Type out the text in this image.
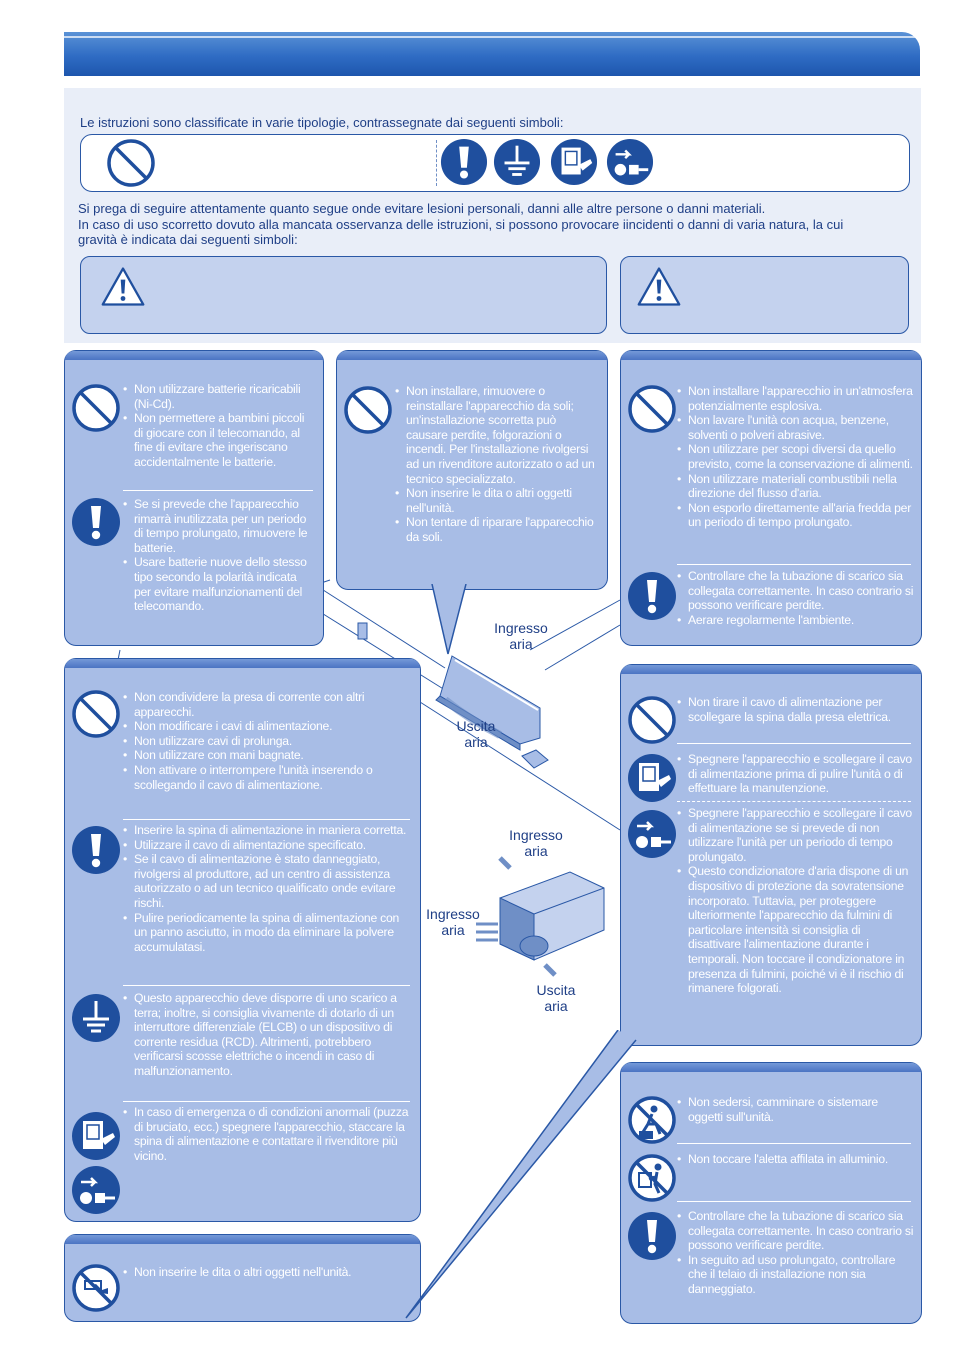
Le istruzioni sono classificate in varie tipologie, contrassegnate dai seguenti simboli:
Si prega di seguire attentamente quanto segue onde evitare lesioni personali, danni alle altre persone o danni materiali.
In caso di uso scorretto dovuto alla mancata osservanza delle istruzioni, si possono provocare iincidenti o danni di varia natura, la cui
gravità è indicata dai seguenti simboli:
Ingresso
aria
Uscita
aria
Ingresso
aria
Ingresso
aria
Uscita
aria
• Non utilizzare batterie ricaricabili (Ni-Cd).
• Non permettere a bambini piccoli di giocare con il telecomando, al fine di evitare che ingeriscano accidentalmente le batterie.
• Se si prevede che l'apparecchio rimarrà inutilizzata per un periodo di tempo prolungato, rimuovere le batterie.
• Usare batterie nuove dello stesso tipo secondo la polarità indicata per evitare malfunzionamenti del telecomando.
• Non installare, rimuovere o reinstallare l'apparecchio da soli; un'installazione scorretta può causare perdite, folgorazioni o incendi. Per l'installazione rivolgersi ad un rivenditore autorizzato o ad un tecnico specializzato.
• Non inserire le dita o altri oggetti nell'unità.
• Non tentare di riparare l'apparecchio da soli.
• Non installare l'apparecchio in un'atmosfera potenzialmente esplosiva.
• Non lavare l'unità con acqua, benzene, solventi o polveri abrasive.
• Non utilizzare per scopi diversi da quello previsto, come la conservazione di alimenti.
• Non utilizzare materiali combustibili nella direzione del flusso d'aria.
• Non esporlo direttamente all'aria fredda per un periodo di tempo prolungato.
• Controllare che la tubazione di scarico sia collegata correttamente. In caso contrario si possono verificare perdite.
• Aerare regolarmente l'ambiente.
• Non condividere la presa di corrente con altri apparecchi.
• Non modificare i cavi di alimentazione.
• Non utilizzare cavi di prolunga.
• Non utilizzare con mani bagnate.
• Non attivare o interrompere l'unità inserendo o scollegando il cavo di alimentazione.
• Inserire la spina di alimentazione in maniera corretta.
• Utilizzare il cavo di alimentazione specificato.
• Se il cavo di alimentazione è stato danneggiato, rivolgersi al produttore, ad un centro di assistenza autorizzato o ad un tecnico qualificato onde evitare rischi.
• Pulire periodicamente la spina di alimentazione con un panno asciutto, in modo da eliminare la polvere accumulatasi.
• Questo apparecchio deve disporre di uno scarico a terra; inoltre, si consiglia vivamente di dotarlo di un interruttore differenziale (ELCB) o un dispositivo di corrente residua (RCD). Altrimenti, potrebbero verificarsi scosse elettriche o incendi in caso di malfunzionamento.
• In caso di emergenza o di condizioni anormali (puzza di bruciato, ecc.) spegnere l'apparecchio, staccare la spina di alimentazione e contattare il rivenditore più vicino.
• Non inserire le dita o altri oggetti nell'unità.
• Non tirare il cavo di alimentazione per scollegare la spina dalla presa elettrica.
• Spegnere l'apparecchio e scollegare il cavo di alimentazione prima di pulire l'unità o di effettuare la manutenzione.
• Spegnere l'apparecchio e scollegare il cavo di alimentazione se si prevede di non utilizzare l'unità per un periodo di tempo prolungato.
• Questo condizionatore d'aria dispone di un dispositivo di protezione da sovratensione incorporato. Tuttavia, per proteggere ulteriormente l'apparecchio da fulmini di particolare intensità si consiglia di disattivare l'alimentazione durante i temporali. Non toccare il condizionatore in presenza di fulmini, poiché vi è il rischio di rimanere folgorati.
• Non sedersi, camminare o sistemare oggetti sull'unità.
• Non toccare l'aletta affilata in alluminio.
• Controllare che la tubazione di scarico sia collegata correttamente. In caso contrario si possono verificare perdite.
• In seguito ad uso prolungato, controllare che il telaio di installazione non sia danneggiato.
